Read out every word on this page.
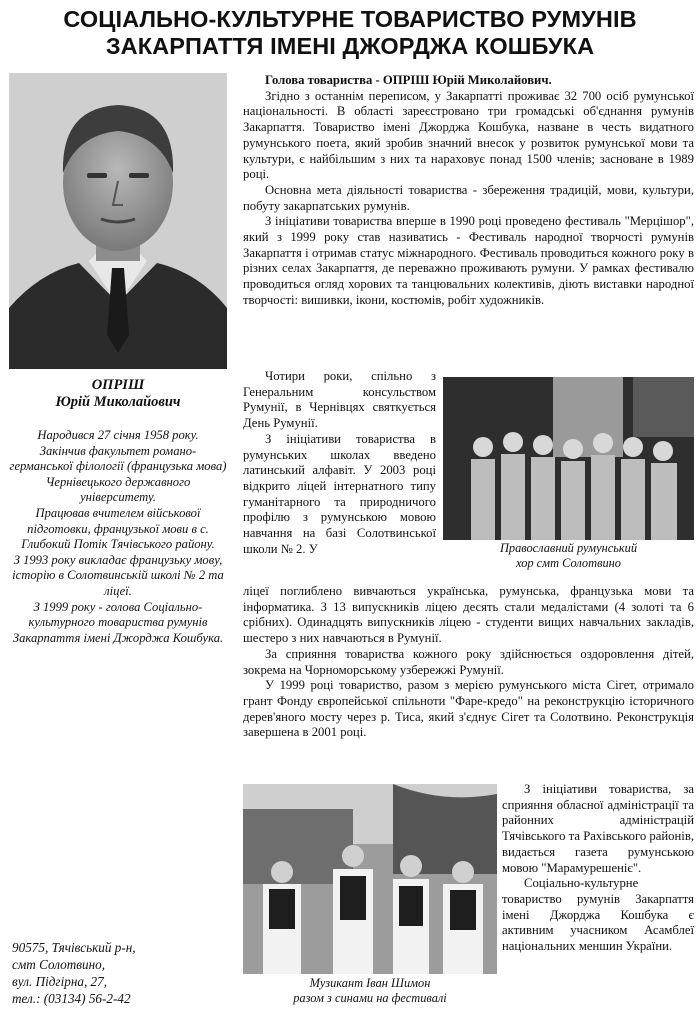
СОЦІАЛЬНО-КУЛЬТУРНЕ ТОВАРИСТВО РУМУНІВ
ЗАКАРПАТТЯ ІМЕНІ ДЖОРДЖА КОШБУКА
ОПРІШ
Юрій Миколайович

Народився 27 січня 1958 року.

Закінчив факультет романо-германської філології (французька мова) Чернівецького державного університету.

Працював вчителем військової підготовки, французької мови в с. Глибокий Потік Тячівського району.

З 1993 року викладає французьку мову, історію в Солотвинській школі № 2 та ліцеї.

З 1999 року - голова Соціально-культурного товариства румунів Закарпаття імені Джорджа Кошбука.

90575, Тячівський р-н,

смт Солотвино,

вул. Підгірна, 27,

тел.: (03134) 56-2-42

Голова товариства - ОПРІШ Юрій Миколайович.

Згідно з останнім переписом, у Закарпатті проживає 32 700 осіб румунської національності. В області зареєстровано три громадські об'єднання румунів Закарпаття. Товариство імені Джорджа Кошбука, назване в честь видатного румунського поета, який зробив значний внесок у розвиток румунської мови та культури, є найбільшим з них та нараховує понад 1500 членів; засноване в 1989 році.

Основна мета діяльності товариства - збереження традицій, мови, культури, побуту закарпатських румунів.

З ініціативи товариства вперше в 1990 році проведено фестиваль "Мерцішор", який з 1999 року став називатись - Фестиваль народної творчості румунів Закарпаття і отримав статус міжнародного. Фестиваль проводиться кожного року в різних селах Закарпаття, де переважно проживають румуни. У рамках фестивалю проводиться огляд хорових та танцювальних колективів, діють виставки народної творчості: вишивки, ікони, костюмів, робіт художників.

Чотири роки, спільно з Генеральним консульством Румунії, в Чернівцях святкується День Румунії.

З ініціативи товариства в румунських школах введено латинський алфавіт. У 2003 році відкрито ліцей інтернатного типу гуманітарного та природничого профілю з румунською мовою навчання на базі Солотвинської школи № 2. У	Православний румунський
хор смт Солотвино

ліцеї поглиблено вивчаються українська, румунська, французька мови та інформатика. З 13 випускників ліцею десять стали медалістами (4 золоті та 6 срібних). Одинадцять випускників ліцею - студенти вищих навчальних закладів, шестеро з них навчаються в Румунії.

За сприяння товариства кожного року здійснюється оздоровлення дітей, зокрема на Чорноморському узбережжі Румунії.

У 1999 році товариство, разом з мерією румунського міста Сігет, отримало грант Фонду європейської спільноти "Фаре-кредо" на реконструкцію історичного дерев'яного мосту через р. Тиса, який з'єднує Сігет та Солотвино. Реконструкція завершена в 2001 році.

Музикант Іван Шимон
разом з синами на фестивалі

З ініціативи товариства, за сприяння обласної адміністрації та районних адміністрацій Тячівського та Рахівського районів, видається газета румунською мовою "Марамурешеніє".

Соціально-культурне товариство румунів Закарпаття імені Джорджа Кошбука є активним учасником Асамблеї національних меншин України.
